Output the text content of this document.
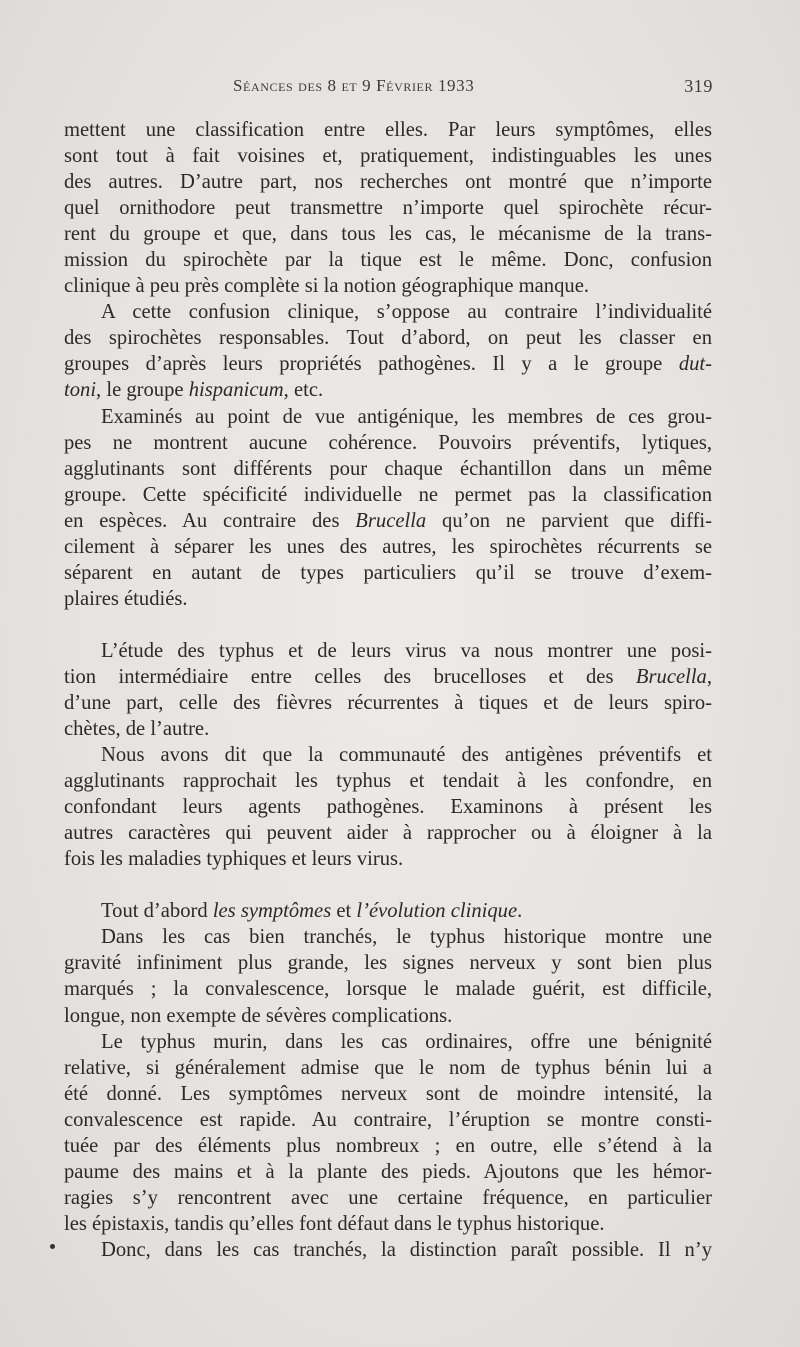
Séances des 8 et 9 Février 1933	319
mettent une classification entre elles. Par leurs symptômes, elles
sont tout à fait voisines et, pratiquement, indistinguables les unes
des autres. D’autre part, nos recherches ont montré que n’importe
quel ornithodore peut transmettre n’importe quel spirochète récur-
rent du groupe et que, dans tous les cas, le mécanisme de la trans-
mission du spirochète par la tique est le même. Donc, confusion
clinique à peu près complète si la notion géographique manque.
A cette confusion clinique, s’oppose au contraire l’individualité
des spirochètes responsables. Tout d’abord, on peut les classer en
groupes d’après leurs propriétés pathogènes. Il y a le groupe dut-
toni, le groupe hispanicum, etc.
Examinés au point de vue antigénique, les membres de ces grou-
pes ne montrent aucune cohérence. Pouvoirs préventifs, lytiques,
agglutinants sont différents pour chaque échantillon dans un même
groupe. Cette spécificité individuelle ne permet pas la classification
en espèces. Au contraire des Brucella qu’on ne parvient que diffi-
cilement à séparer les unes des autres, les spirochètes récurrents se
séparent en autant de types particuliers qu’il se trouve d’exem-
plaires étudiés.
L’étude des typhus et de leurs virus va nous montrer une posi-
tion intermédiaire entre celles des brucelloses et des Brucella,
d’une part, celle des fièvres récurrentes à tiques et de leurs spiro-
chètes, de l’autre.
Nous avons dit que la communauté des antigènes préventifs et
agglutinants rapprochait les typhus et tendait à les confondre, en
confondant leurs agents pathogènes. Examinons à présent les
autres caractères qui peuvent aider à rapprocher ou à éloigner à la
fois les maladies typhiques et leurs virus.
Tout d’abord les symptômes et l’évolution clinique.
Dans les cas bien tranchés, le typhus historique montre une
gravité infiniment plus grande, les signes nerveux y sont bien plus
marqués ; la convalescence, lorsque le malade guérit, est difficile,
longue, non exempte de sévères complications.
Le typhus murin, dans les cas ordinaires, offre une bénignité
relative, si généralement admise que le nom de typhus bénin lui a
été donné. Les symptômes nerveux sont de moindre intensité, la
convalescence est rapide. Au contraire, l’éruption se montre consti-
tuée par des éléments plus nombreux ; en outre, elle s’étend à la
paume des mains et à la plante des pieds. Ajoutons que les hémor-
ragies s’y rencontrent avec une certaine fréquence, en particulier
les épistaxis, tandis qu’elles font défaut dans le typhus historique.
Donc, dans les cas tranchés, la distinction paraît possible. Il n’y
